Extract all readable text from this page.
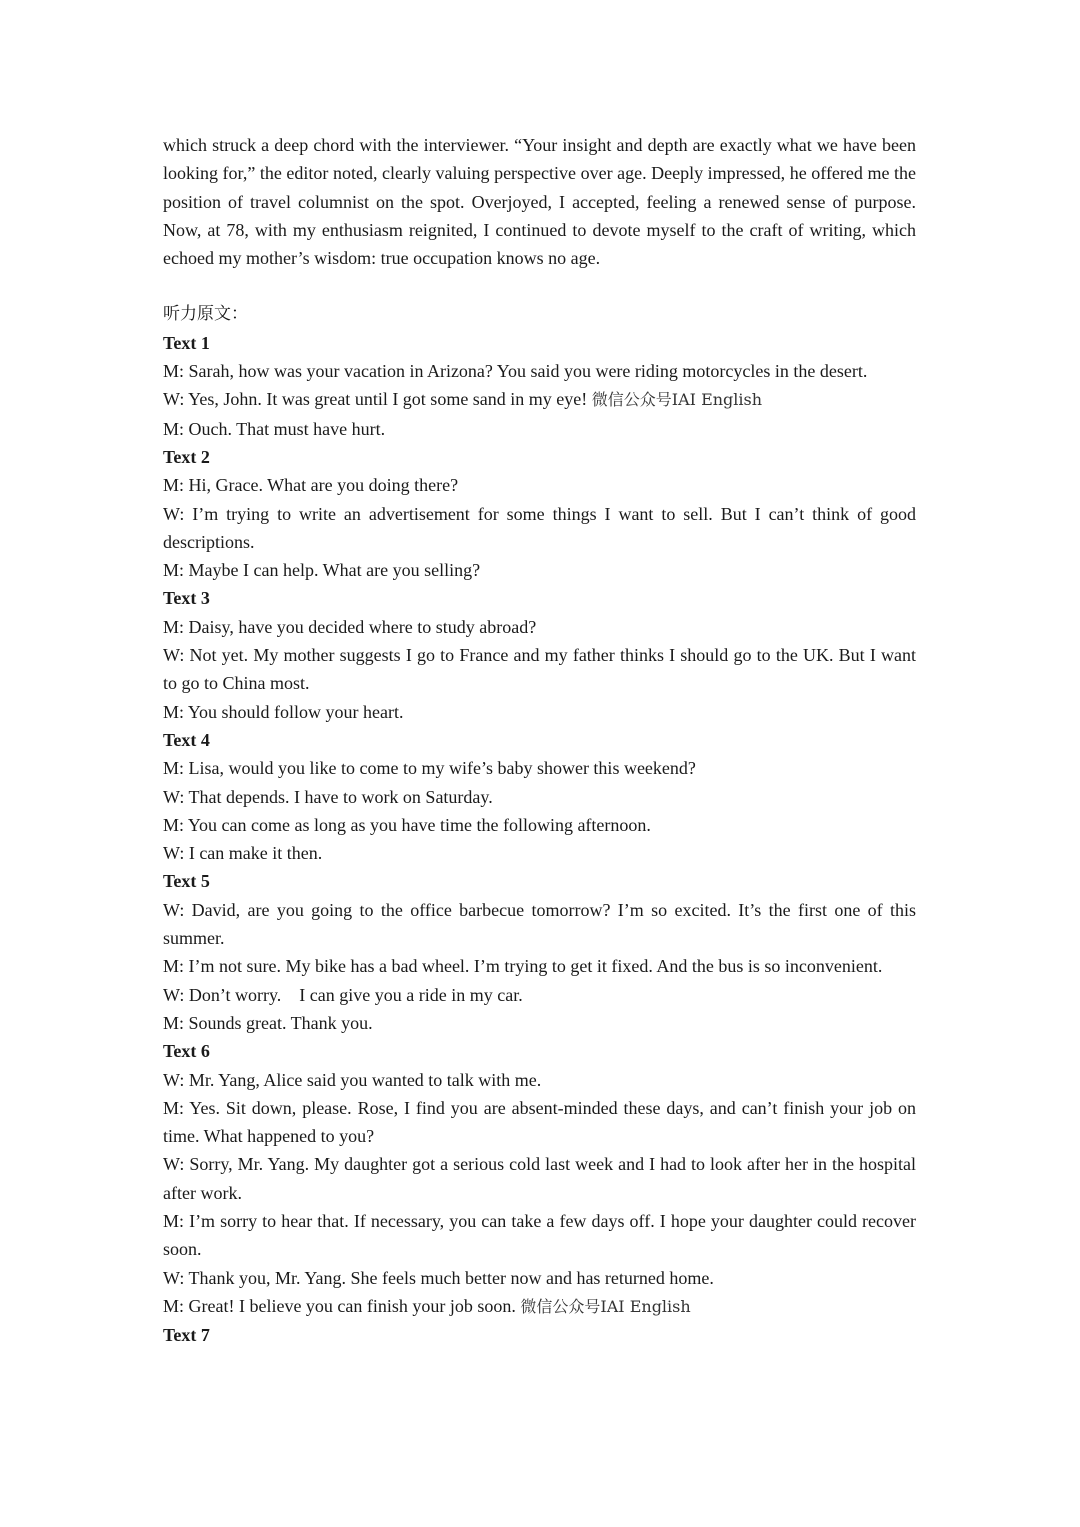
which struck a deep chord with the interviewer. “Your insight and depth are exactly what we have been looking for,” the editor noted, clearly valuing perspective over age. Deeply impressed, he offered me the position of travel columnist on the spot. Overjoyed, I accepted, feeling a renewed sense of purpose. Now, at 78, with my enthusiasm reignited, I continued to devote myself to the craft of writing, which echoed my mother’s wisdom: true occupation knows no age.

听力原文：
Text 1

M: Sarah, how was your vacation in Arizona? You said you were riding motorcycles in the desert.

W: Yes, John. It was great until I got some sand in my eye! 微信公众号IAI English

M: Ouch. That must have hurt.

Text 2

M: Hi, Grace. What are you doing there?

W: I’m trying to write an advertisement for some things I want to sell. But I can’t think of good descriptions.

M: Maybe I can help. What are you selling?

Text 3

M: Daisy, have you decided where to study abroad?

W: Not yet. My mother suggests I go to France and my father thinks I should go to the UK. But I want to go to China most.

M: You should follow your heart.

Text 4

M: Lisa, would you like to come to my wife’s baby shower this weekend?

W: That depends. I have to work on Saturday.

M: You can come as long as you have time the following afternoon.

W: I can make it then.

Text 5

W: David, are you going to the office barbecue tomorrow? I’m so excited. It’s the first one of this summer.

M: I’m not sure. My bike has a bad wheel. I’m trying to get it fixed. And the bus is so inconvenient.

W: Don’t worry.    I can give you a ride in my car.

M: Sounds great. Thank you.

Text 6

W: Mr. Yang, Alice said you wanted to talk with me.

M: Yes. Sit down, please. Rose, I find you are absent-minded these days, and can’t finish your job on time. What happened to you?

W: Sorry, Mr. Yang. My daughter got a serious cold last week and I had to look after her in the hospital after work.

M: I’m sorry to hear that. If necessary, you can take a few days off. I hope your daughter could recover soon.

W: Thank you, Mr. Yang. She feels much better now and has returned home.

M: Great! I believe you can finish your job soon. 微信公众号IAI English

Text 7
